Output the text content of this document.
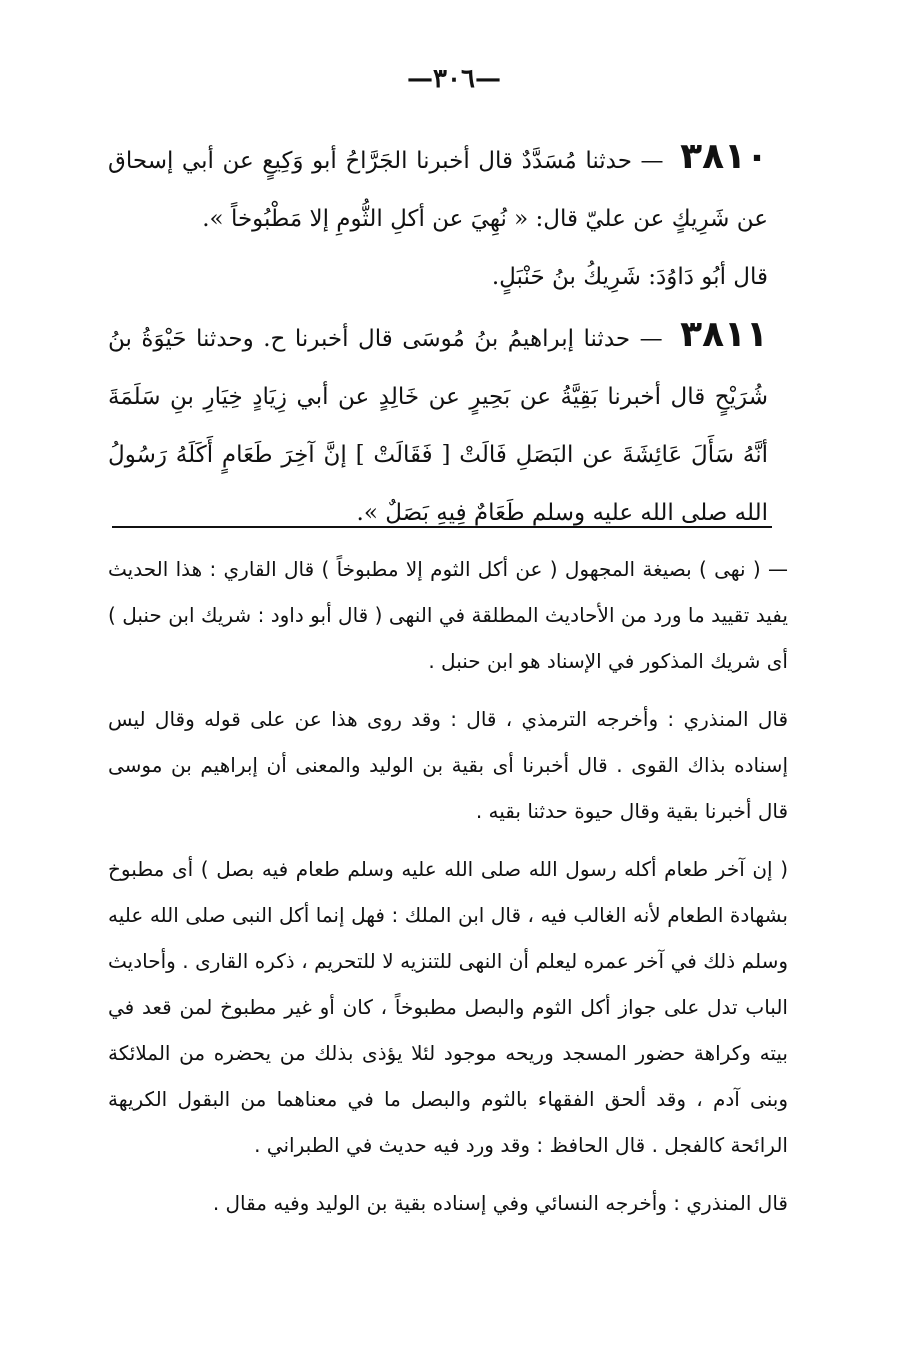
—٣٠٦—

٣٨١٠ — حدثنا مُسَدَّدٌ قال أخبرنا الجَرَّاحُ أبو وَكِيعٍ عن أبي إسحاق عن شَرِيكٍ عن عليّ قال: « نُهِيَ عن أكلِ الثُّومِ إلا مَطْبُوخاً ».

قال أبُو دَاوُدَ: شَرِيكُ بنُ حَنْبَلٍ.

٣٨١١ — حدثنا إبراهيمُ بنُ مُوسَى قال أخبرنا ح. وحدثنا حَيْوَةُ بنُ شُرَيْحٍ قال أخبرنا بَقِيَّةُ عن بَحِيرٍ عن خَالِدٍ عن أبي زِيَادٍ خِيَارِ بنِ سَلَمَةَ أنَّهُ سَأَلَ عَائِشَةَ عن البَصَلِ فَالَتْ [ فَقَالَتْ ] إنَّ آخِرَ طَعَامٍ أَكَلَهُ رَسُولُ الله صلى الله عليه وسلم طَعَامٌ فِيهِ بَصَلٌ ».

— ( نهى ) بصيغة المجهول ( عن أكل الثوم إلا مطبوخاً ) قال القاري : هذا الحديث يفيد تقييد ما ورد من الأحاديث المطلقة في النهى ( قال أبو داود : شريك ابن حنبل ) أى شريك المذكور في الإسناد هو ابن حنبل .

قال المنذري : وأخرجه الترمذي ، قال : وقد روى هذا عن على قوله وقال ليس إسناده بذاك القوى . قال أخبرنا أى بقية بن الوليد والمعنى أن إبراهيم بن موسى قال أخبرنا بقية وقال حيوة حدثنا بقيه .

( إن آخر طعام أكله رسول الله صلى الله عليه وسلم طعام فيه بصل ) أى مطبوخ بشهادة الطعام لأنه الغالب فيه ، قال ابن الملك : فهل إنما أكل النبى صلى الله عليه وسلم ذلك في آخر عمره ليعلم أن النهى للتنزيه لا للتحريم ، ذكره القارى . وأحاديث الباب تدل على جواز أكل الثوم والبصل مطبوخاً ، كان أو غير مطبوخ لمن قعد في بيته وكراهة حضور المسجد وريحه موجود لئلا يؤذى بذلك من يحضره من الملائكة وبنى آدم ، وقد ألحق الفقهاء بالثوم والبصل ما في معناهما من البقول الكريهة الرائحة كالفجل . قال الحافظ : وقد ورد فيه حديث في الطبراني .

قال المنذري : وأخرجه النسائي وفي إسناده بقية بن الوليد وفيه مقال .
